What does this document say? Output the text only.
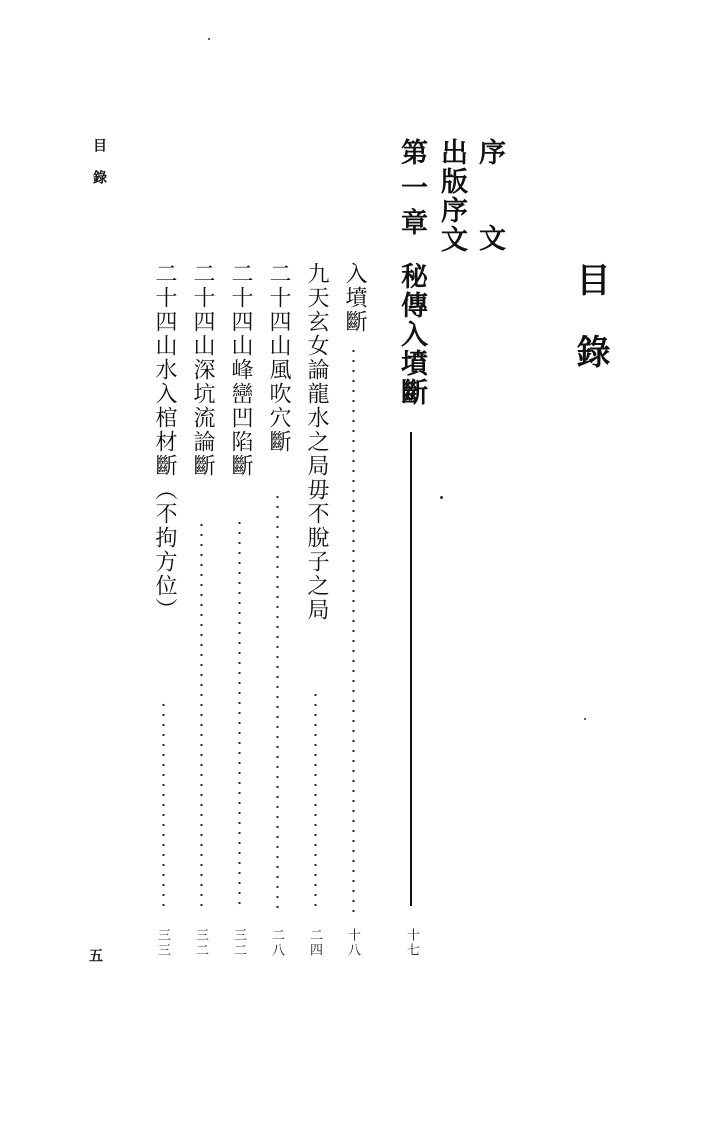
目錄
序 文
出版序文
第一章
秘傳入墳斷
十七
入墳斷
十八
九天玄女論龍水之局毋不脫子之局
二四
二十四山風吹穴斷
二八
二十四山峰巒凹陷斷
三二
二十四山深坑流論斷
三二
二十四山水入棺材斷（不拘方位）
三三
目錄
五
